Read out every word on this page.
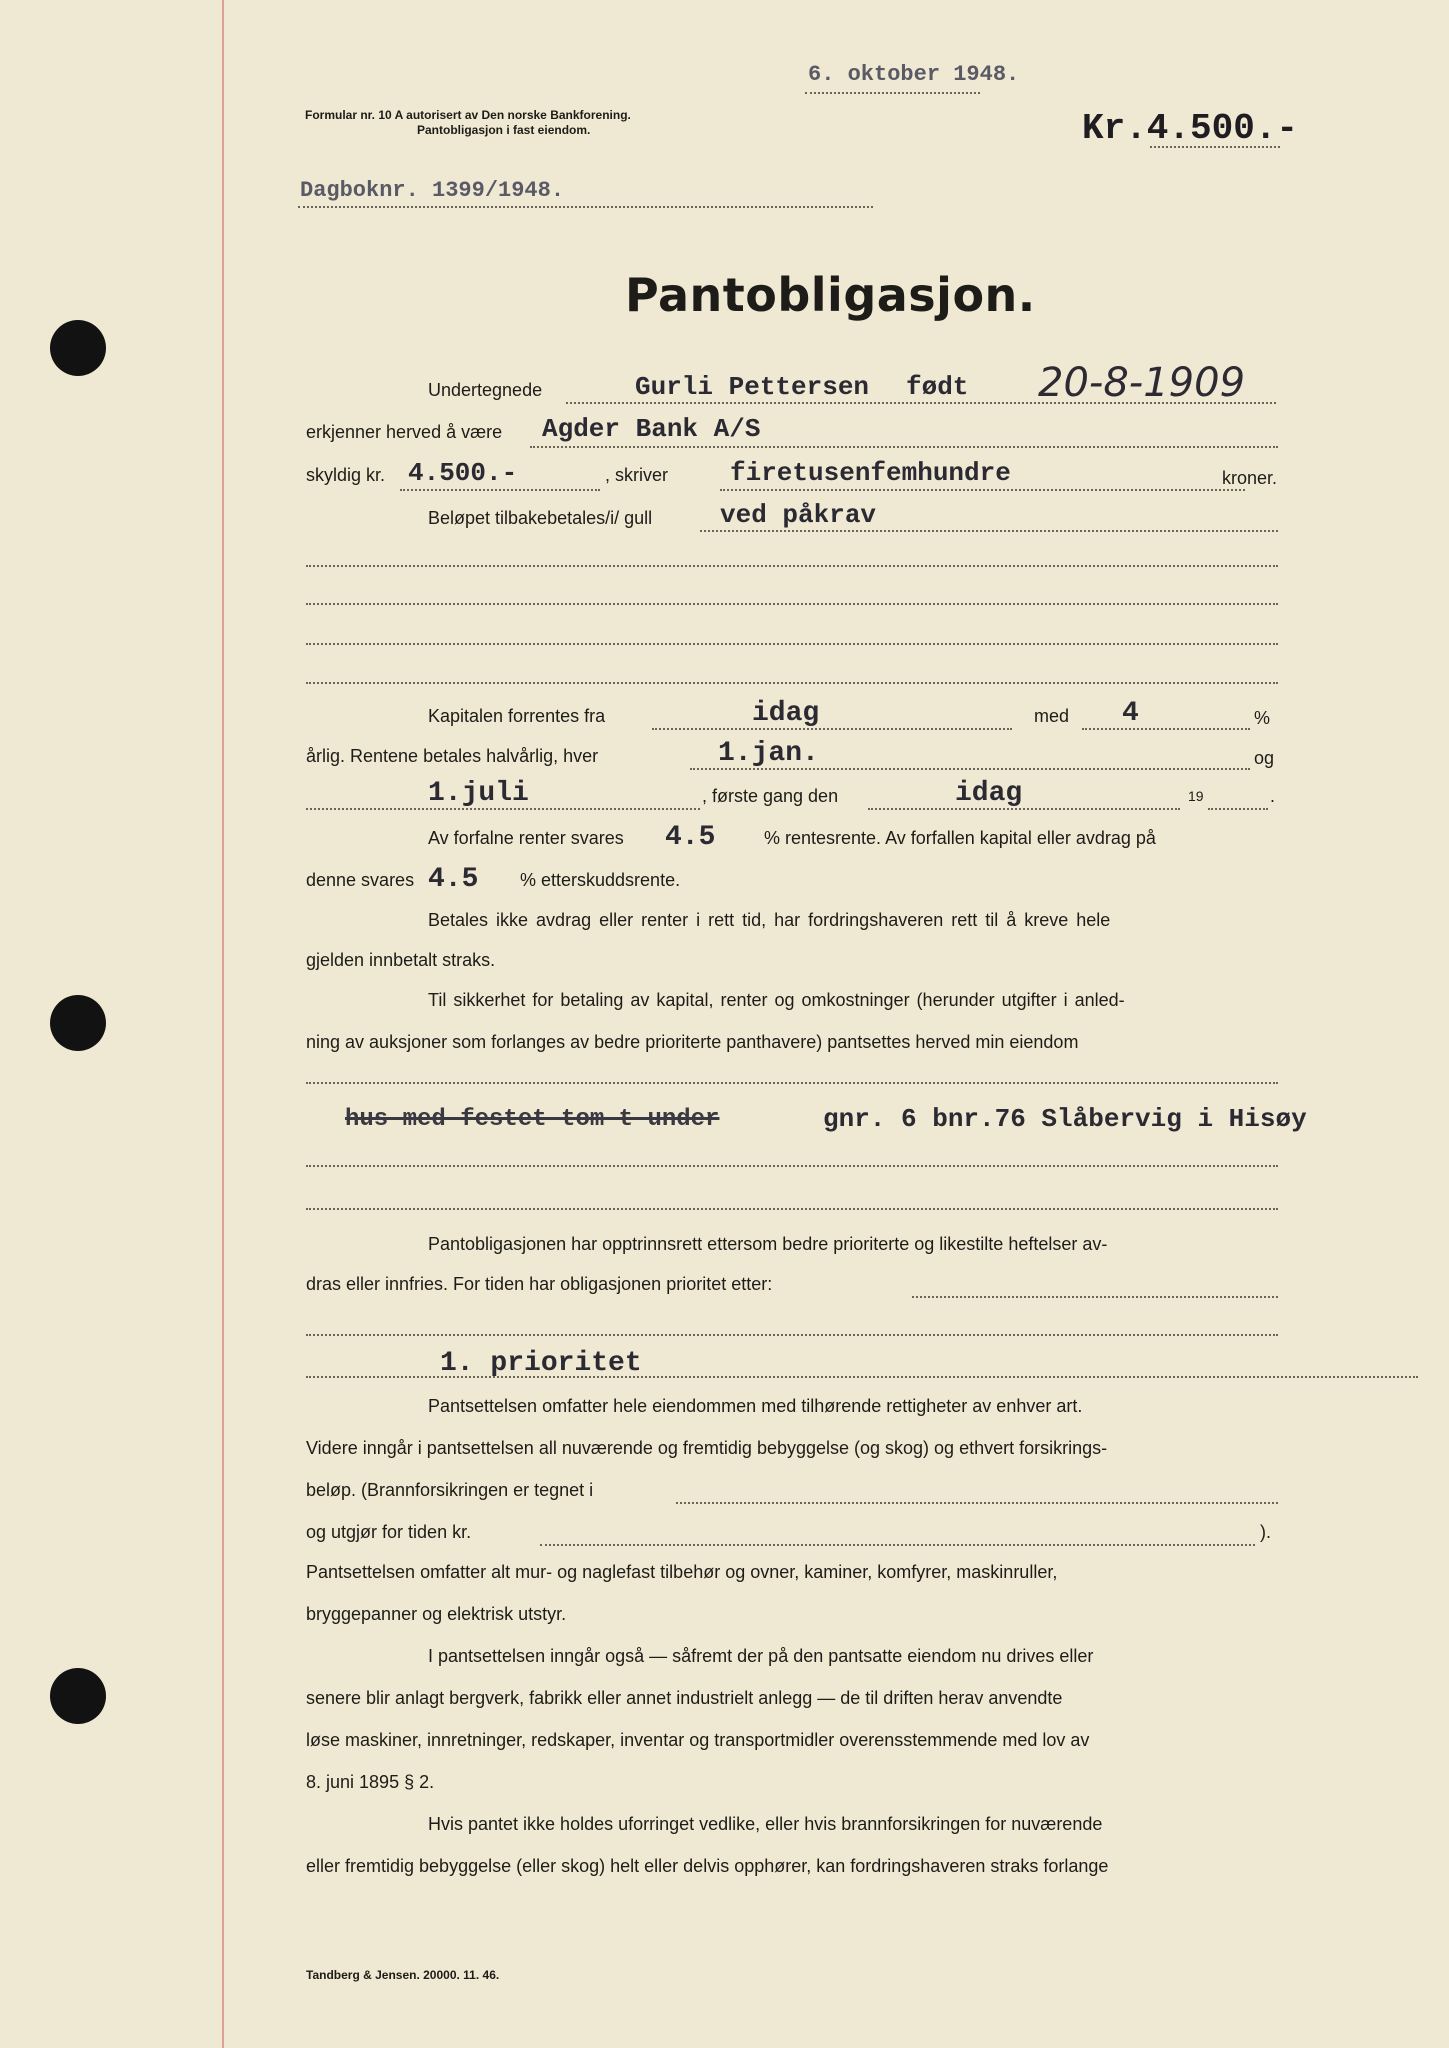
6. oktober 1948.
Formular nr. 10 A autorisert av Den norske Bankforening.
Pantobligasjon i fast eiendom.	Kr.4.500.-
Dagboknr. 1399/1948.
Pantobligasjon.
Undertegnede	Gurli Pettersen født 20-8-1909
erkjenner herved å være Agder Bank A/S
skyldig kr. 4.500.-	, skriver firetusenfemhundre	kroner.
Beløpet tilbakebetales/i/ gull	ved påkrav
Kapitalen forrentes fra	idag	med 4	%
årlig. Rentene betales halvårlig, hver	1.jan.	og
1.juli	, første gang den	idag	19	.
Av forfalne renter svares 4.5	% rentesrente. Av forfallen kapital eller avdrag på
denne svares 4.5 % etterskuddsrente.
Betales ikke avdrag eller renter i rett tid, har fordringshaveren rett til å kreve hele
gjelden innbetalt straks.
Til sikkerhet for betaling av kapital, renter og omkostninger (herunder utgifter i anled-
ning av auksjoner som forlanges av bedre prioriterte panthavere) pantsettes herved min eiendom
hus med festet tom t under	gnr. 6 bnr.76 Slåbervig i Hisøy
Pantobligasjonen har opptrinnsrett ettersom bedre prioriterte og likestilte heftelser av-
dras eller innfries. For tiden har obligasjonen prioritet etter:
1. prioritet
Pantsettelsen omfatter hele eiendommen med tilhørende rettigheter av enhver art.
Videre inngår i pantsettelsen all nuværende og fremtidig bebyggelse (og skog) og ethvert forsikrings-
beløp. (Brannforsikringen er tegnet i
og utgjør for tiden kr.	).
Pantsettelsen omfatter alt mur- og naglefast tilbehør og ovner, kaminer, komfyrer, maskinruller,
bryggepanner og elektrisk utstyr.
I pantsettelsen inngår også — såfremt der på den pantsatte eiendom nu drives eller
senere blir anlagt bergverk, fabrikk eller annet industrielt anlegg — de til driften herav anvendte
løse maskiner, innretninger, redskaper, inventar og transportmidler overensstemmende med lov av
8. juni 1895 § 2.
Hvis pantet ikke holdes uforringet vedlike, eller hvis brannforsikringen for nuværende
eller fremtidig bebyggelse (eller skog) helt eller delvis opphører, kan fordringshaveren straks forlange
Tandberg & Jensen. 20000. 11. 46.
